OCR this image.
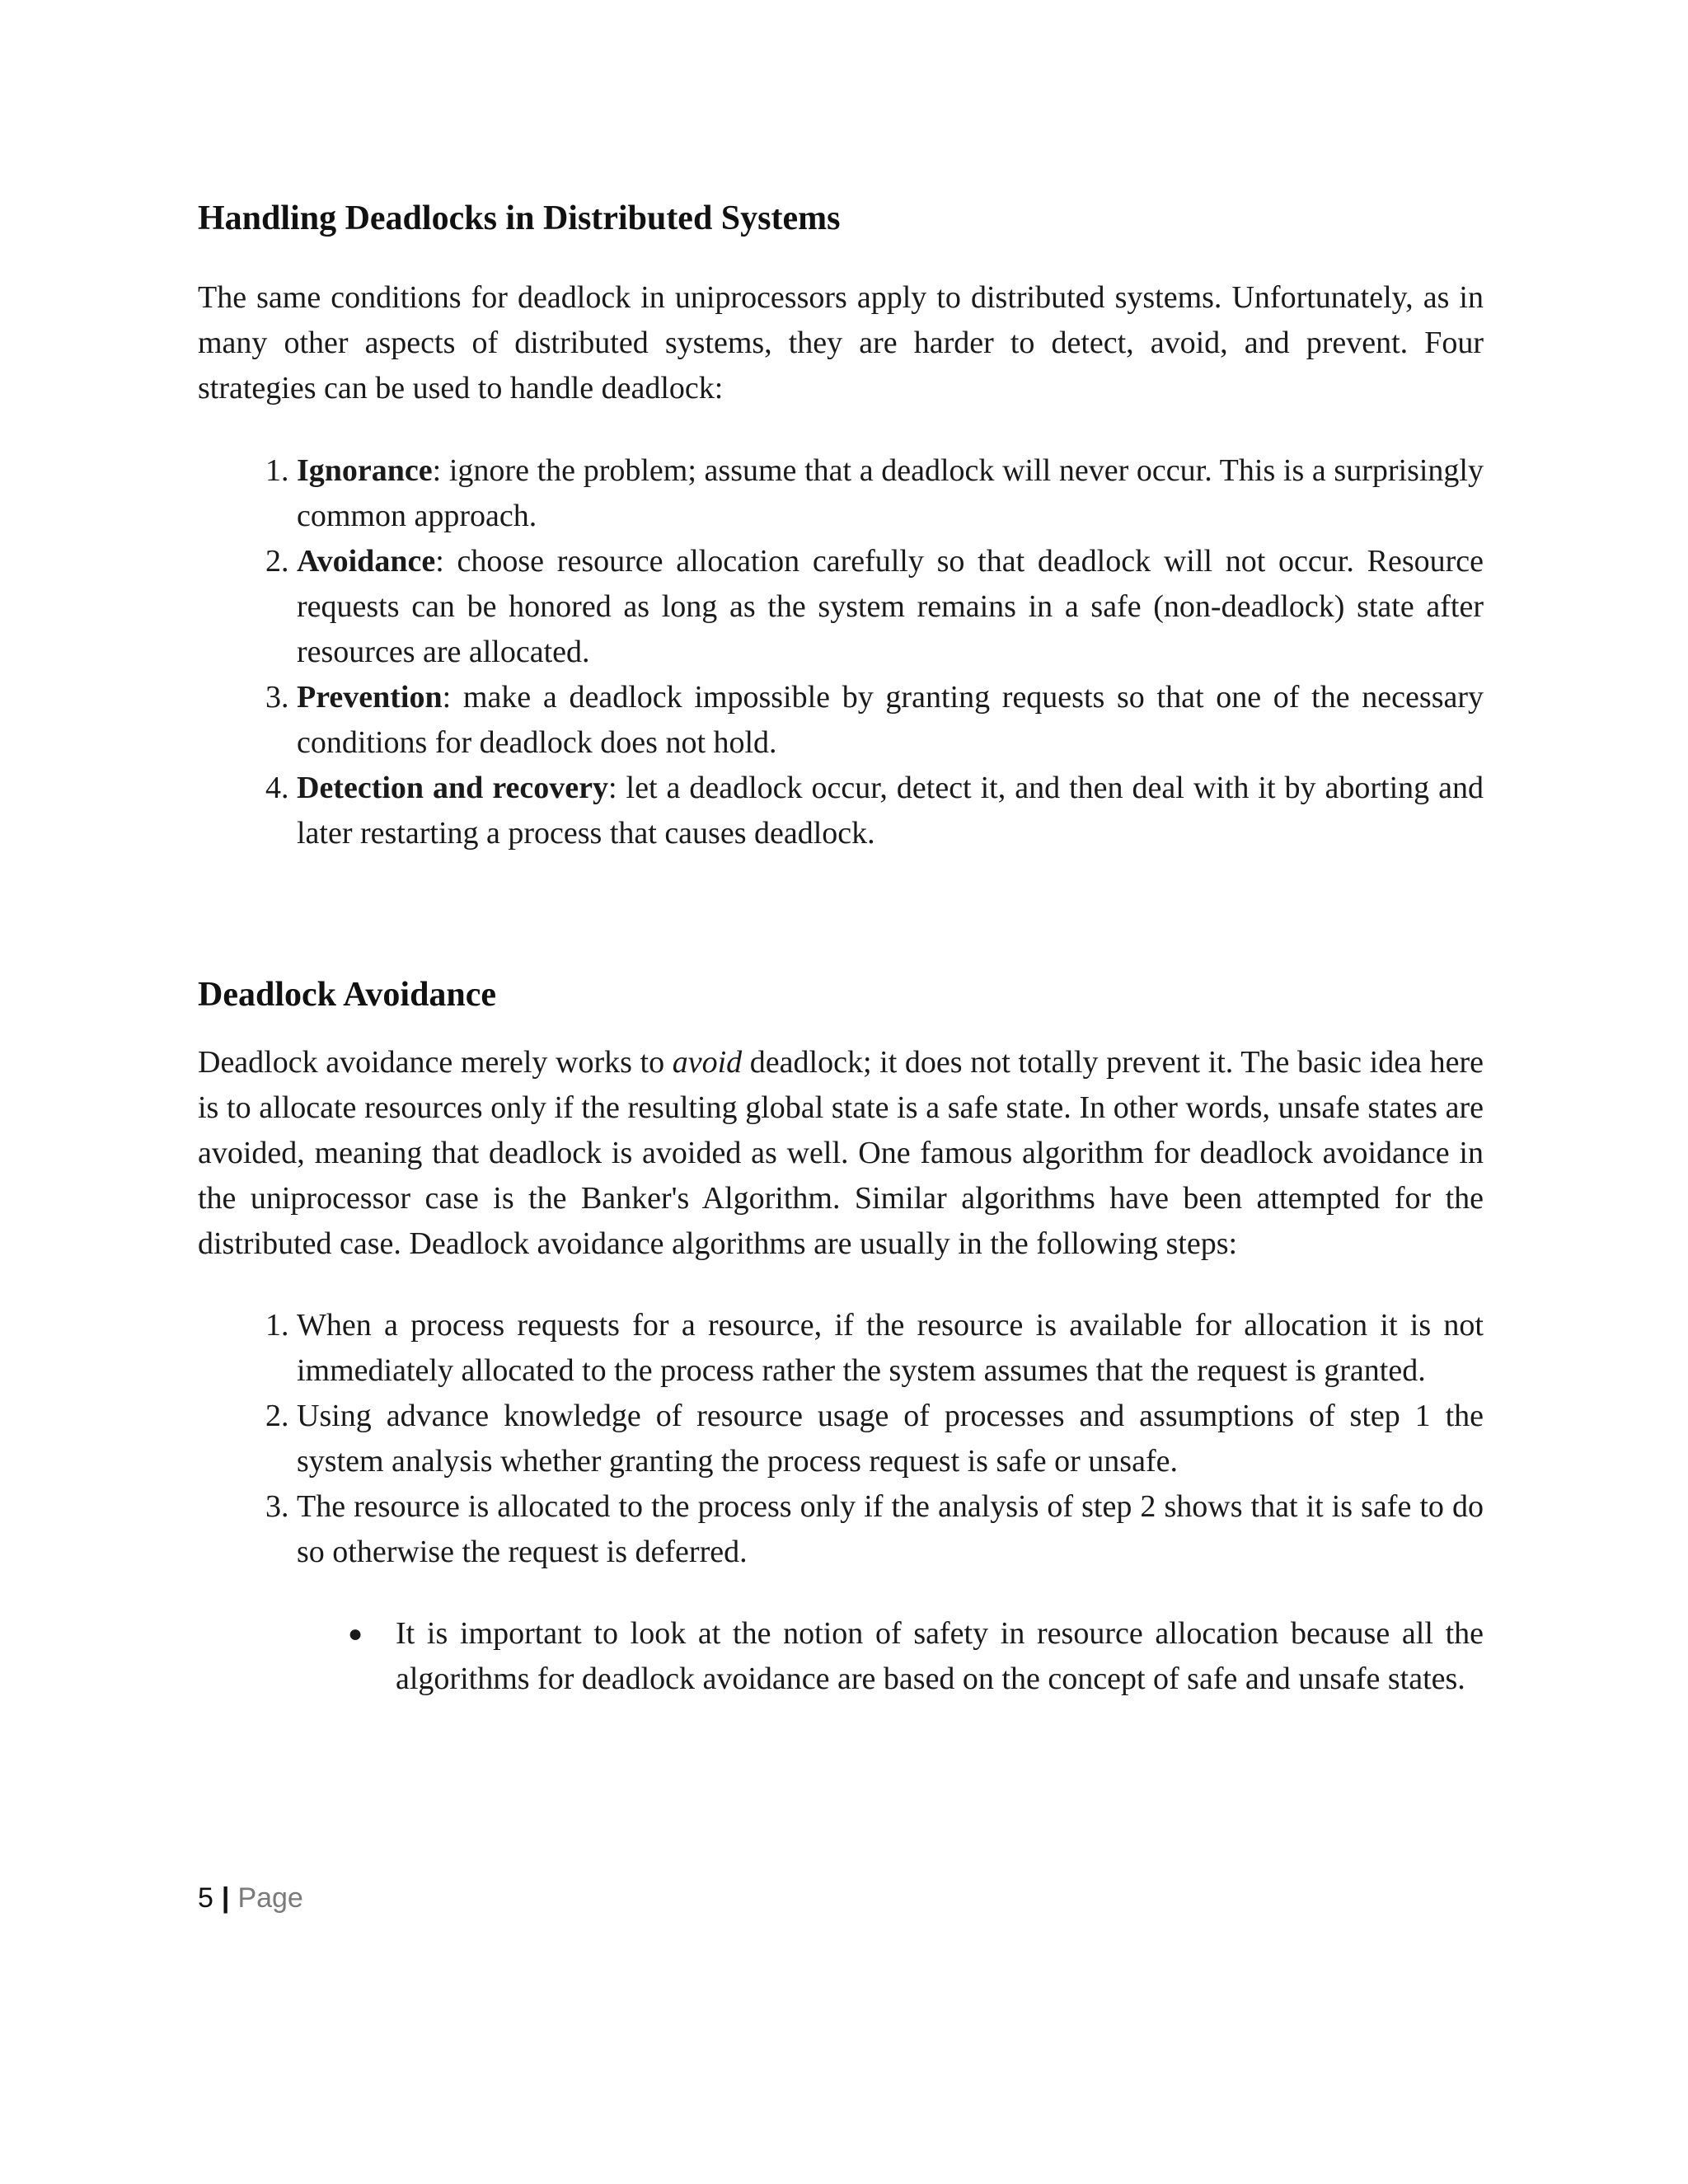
Handling Deadlocks in Distributed Systems

The same conditions for deadlock in uniprocessors apply to distributed systems. Unfortunately, as in many other aspects of distributed systems, they are harder to detect, avoid, and prevent. Four strategies can be used to handle deadlock:

1. Ignorance: ignore the problem; assume that a deadlock will never occur. This is a surprisingly common approach.
2. Avoidance: choose resource allocation carefully so that deadlock will not occur. Resource requests can be honored as long as the system remains in a safe (non-deadlock) state after resources are allocated.
3. Prevention: make a deadlock impossible by granting requests so that one of the necessary conditions for deadlock does not hold.
4. Detection and recovery: let a deadlock occur, detect it, and then deal with it by aborting and later restarting a process that causes deadlock.
Deadlock Avoidance

Deadlock avoidance merely works to avoid deadlock; it does not totally prevent it. The basic idea here is to allocate resources only if the resulting global state is a safe state. In other words, unsafe states are avoided, meaning that deadlock is avoided as well. One famous algorithm for deadlock avoidance in the uniprocessor case is the Banker's Algorithm. Similar algorithms have been attempted for the distributed case. Deadlock avoidance algorithms are usually in the following steps:

1. When a process requests for a resource, if the resource is available for allocation it is not immediately allocated to the process rather the system assumes that the request is granted.
2. Using advance knowledge of resource usage of processes and assumptions of step 1 the system analysis whether granting the process request is safe or unsafe.
3. The resource is allocated to the process only if the analysis of step 2 shows that it is safe to do so otherwise the request is deferred.
● It is important to look at the notion of safety in resource allocation because all the algorithms for deadlock avoidance are based on the concept of safe and unsafe states.
5 | Page
